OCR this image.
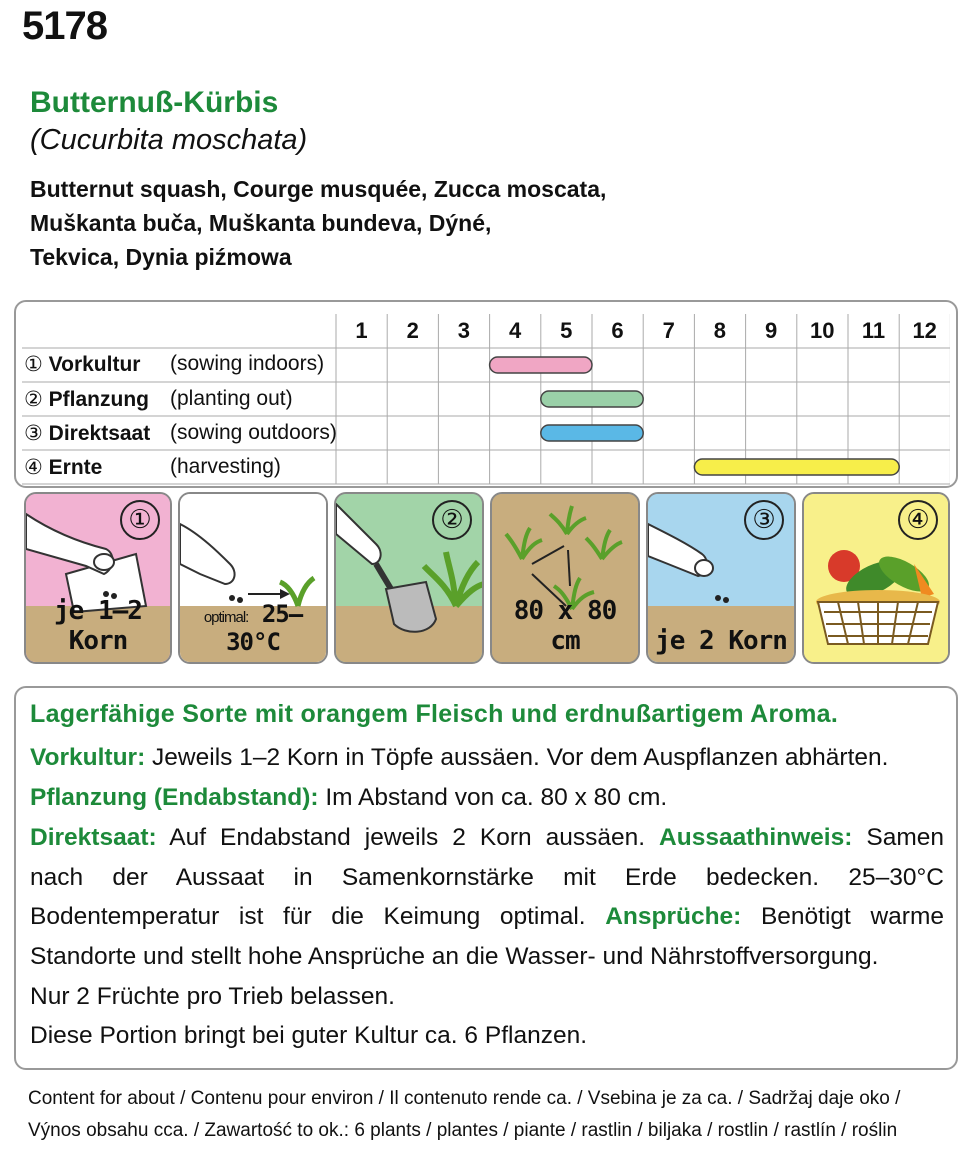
5178
Butternuß-Kürbis
(Cucurbita moschata)
Butternut squash, Courge musquée, Zucca moscata,
Muškanta buča, Muškanta bundeva, Dýné,
Tekvica, Dynia piźmowa
1	2	3	4	5	6	7	8	9	10	11	12
① Vorkultur (sowing indoors)
② Pflanzung (planting out)
③ Direktsaat (sowing outdoors)
④ Ernte	(harvesting)
①
je 1–2 Korn
optimal: 25–30°C
②
80 x 80 cm
③
je 2 Korn
④
Lagerfähige Sorte mit orangem Fleisch und erdnußartigem Aroma.
Vorkultur: Jeweils 1–2 Korn in Töpfe aussäen. Vor dem Auspflanzen abhärten.
Pflanzung (Endabstand): Im Abstand von ca. 80 x 80 cm.
Direktsaat: Auf Endabstand jeweils 2 Korn aussäen. Aussaathinweis: Samen
nach der Aussaat in Samenkornstärke mit Erde bedecken. 25–30°C
Bodentemperatur ist für die Keimung optimal. Ansprüche: Benötigt warme
Standorte und stellt hohe Ansprüche an die Wasser- und Nährstoffversorgung.
Nur 2 Früchte pro Trieb belassen.
Diese Portion bringt bei guter Kultur ca. 6 Pflanzen.
Content for about / Contenu pour environ / Il contenuto rende ca. / Vsebina je za ca. / Sadržaj daje oko /
Výnos obsahu cca. / Zawartość to ok.: 6 plants / plantes / piante / rastlin / biljaka / rostlin / rastlín / roślin
